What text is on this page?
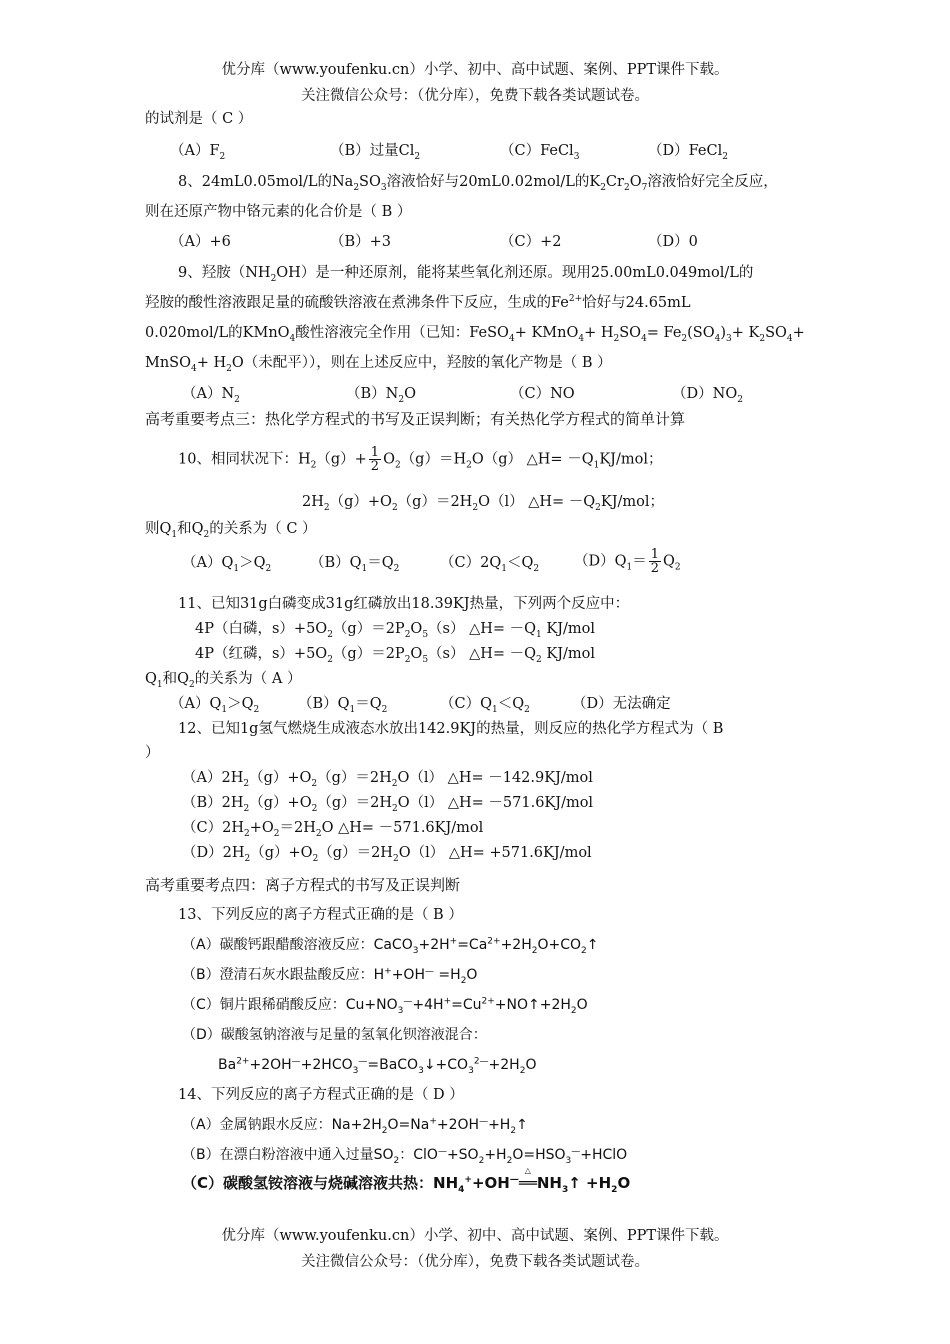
优分库（www.youfenku.cn）小学、初中、高中试题、案例、PPT课件下载。
关注微信公众号：（优分库），免费下载各类试题试卷。
的试剂是（ C ）
$(A)F_2$	（B）过量$Cl_2$	（C）FeCl$_3$	（D）FeCl$_2$
8、24mL0.05mol/L的$Na_2SO_3$溶液恰好与20mL0.02mol/L的$K_2Cr_2O_7$溶液恰好完全反应，
则在还原产物中铬元素的化合价是（ B ）
（A）+6	（B）+3	（C）+2	（D）0
9、羟胺$(NH_2OH)$是一种还原剂，能将某些氧化剂还原。现用25.00mL0.049mol/L的
羟胺的酸性溶液跟足量的硫酸铁溶液在煮沸条件下反应，生成的$Fe^{2+}$恰好与24.65mL
0.020mol/L的KMnO$_4$酸性溶液完全作用（已知：FeSO$_4$+ KMnO$_4$+ $H_2SO_4= Fe_2(SO_4)_3+ K_2SO_4+$
MnSO$_4$+ $H_2O$（未配平）），则在上述反应中，羟胺的氧化产物是（ B ）
$(A)N_2$	$(B)N_2O$	（C）NO	$(D)NO_2$
高考重要考点三：热化学方程式的书写及正误判断；有关热化学方程式的简单计算
10、相同状况下：$H_2(g)+ \frac{1}{2} O_2(g)=H_2O(g)$ △H= $-Q_1KJ$/mol；
$2H_2(g)+O_2(g)=2H_2O(l)$ △H= $-Q_2KJ$/mol；
则$Q_1$和$Q_2$的关系为（ C ）
$(A)Q_1>Q_2$	$(B)Q_1=Q_2$	$(C)2Q_1<Q_2$ $(D)Q_1= \frac{1}{2} Q_2$
11、已知31g白磷变成31g红磷放出18.39KJ热量，下列两个反应中：
4P（白磷，$s)+5O_2(g)=2P_2O_5(s)$ △H= $-Q_1$ KJ/mol
4P（红磷，$s)+5O_2(g)=2P_2O_5(s)$ △H= $-Q_2$ KJ/mol
$Q_1$和$Q_2$的关系为（ A ）
$(A)Q_1>Q_2$	$(B)Q_1=Q_2$	$(C)Q_1<Q_2$	（D）无法确定
12、已知1g氢气燃烧生成液态水放出142.9KJ的热量，则反应的热化学方程式为（ B
）
$(A)2H_2(g)+O_2(g)=2H_2O(l)$ △H= －142.9KJ/mol
$(B)2H_2(g)+O_2(g)=2H_2O(l)$ △H= －571.6KJ/mol
$(C)2H_2+O_2=2H_2O$ △H= －571.6KJ/mol
$(D)2H_2(g)+O_2(g)=2H_2O(l)$ △H= +571.6KJ/mol
高考重要考点四：离子方程式的书写及正误判断
13、下列反应的离子方程式正确的是（ B ）
（A）碳酸钙跟醋酸溶液反应：$CaCO_3+2H^+=Ca^{2+}+2H_2O+CO_2↑$
（B）澄清石灰水跟盐酸反应：$H^++OH^— =H_2O$
（C）铜片跟稀硝酸反应：$Cu+NO_3^—+4H^+=Cu^{2+}+NO↑+2H_2O$
（D）碳酸氢钠溶液与足量的氢氧化钡溶液混合：
$Ba^{2+}+2OH^—+2HCO_3^—=BaCO_3↓+CO_3^{2—}+2H_2O$
14、下列反应的离子方程式正确的是（ D ）
（A）金属钠跟水反应：$Na+2H_2O=Na^++2OH^—+H_2↑$
（B）在漂白粉溶液中通入过量$SO_2$：$ClO^—+SO_2+H_2O=HSO_3^—+HClO$
（C）碳酸氢铵溶液与烧碱溶液共热：$NH_4^++OH^—$
△
$══NH_3↑ +H_2O$
优分库（www.youfenku.cn）小学、初中、高中试题、案例、PPT课件下载。
关注微信公众号：（优分库），免费下载各类试题试卷。
